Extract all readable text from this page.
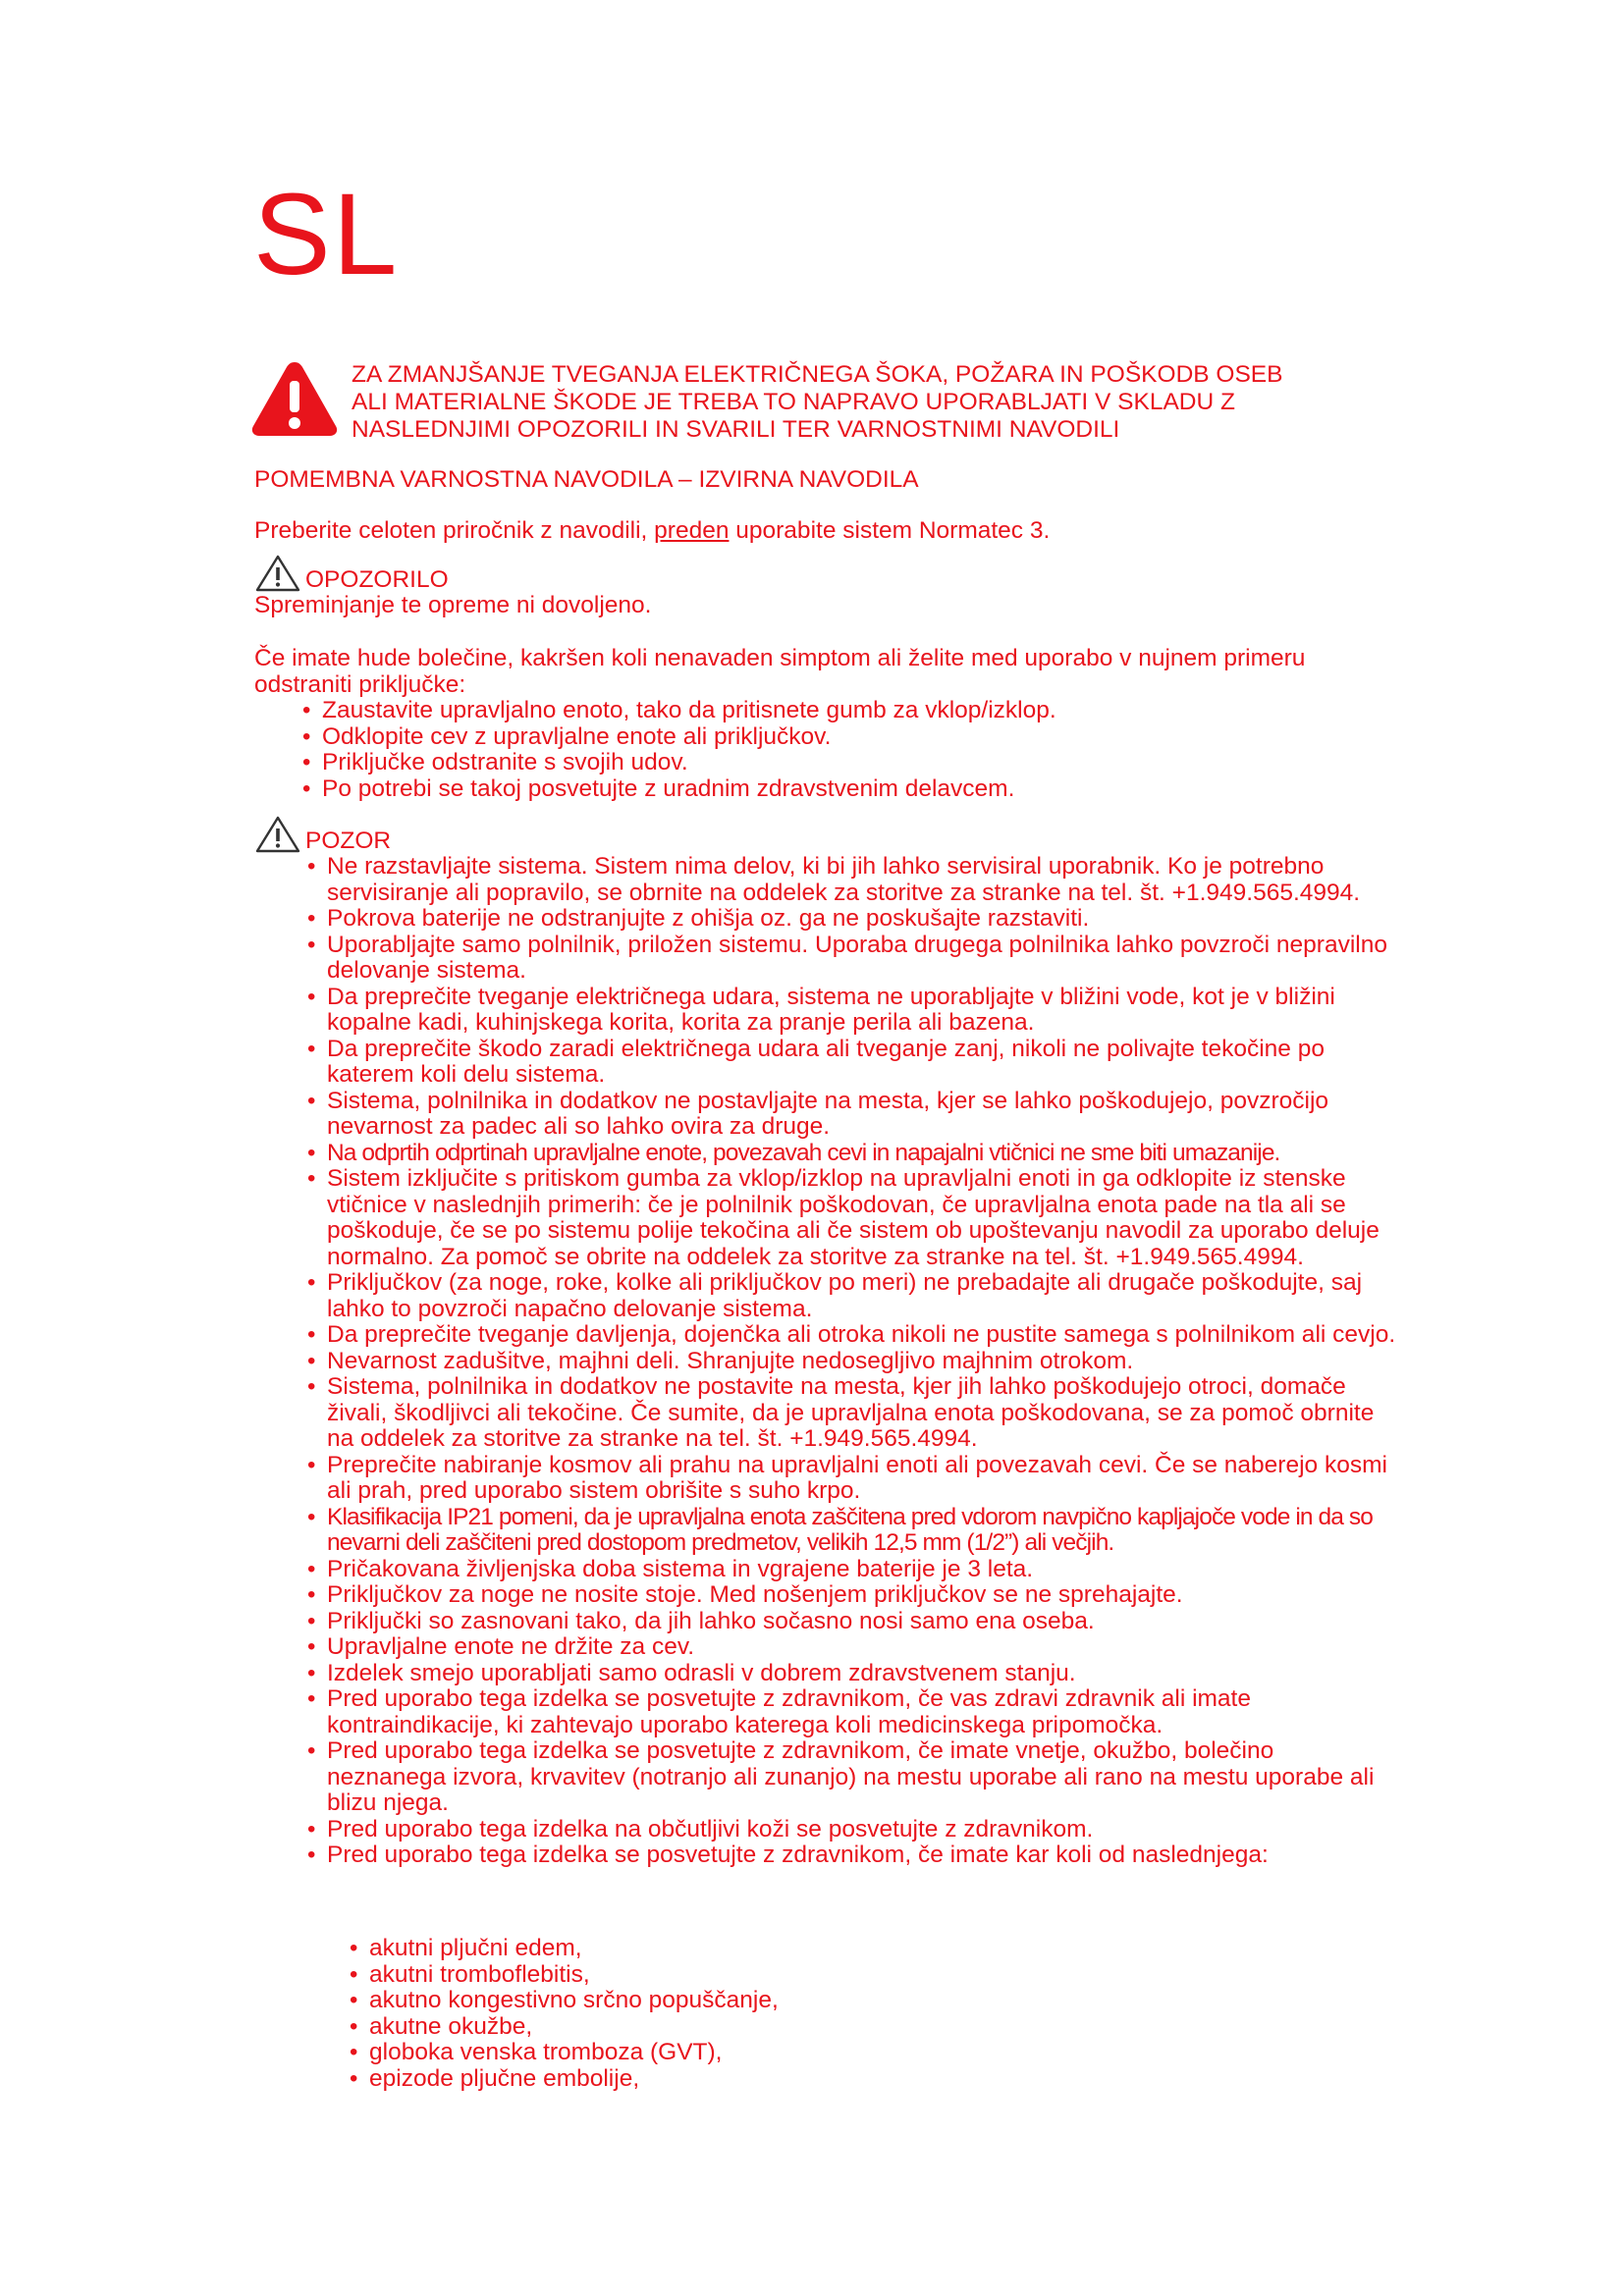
SL
ZA ZMANJŠANJE TVEGANJA ELEKTRIČNEGA ŠOKA, POŽARA IN POŠKODB OSEB
ALI MATERIALNE ŠKODE JE TREBA TO NAPRAVO UPORABLJATI V SKLADU Z
NASLEDNJIMI OPOZORILI IN SVARILI TER VARNOSTNIMI NAVODILI
POMEMBNA VARNOSTNA NAVODILA – IZVIRNA NAVODILA
Preberite celoten priročnik z navodili, preden uporabite sistem Normatec 3.
OPOZORILO
Spreminjanje te opreme ni dovoljeno.
Če imate hude bolečine, kakršen koli nenavaden simptom ali želite med uporabo v nujnem primeru odstraniti priključke:
• Zaustavite upravljalno enoto, tako da pritisnete gumb za vklop/izklop.
• Odklopite cev z upravljalne enote ali priključkov.
• Priključke odstranite s svojih udov.
• Po potrebi se takoj posvetujte z uradnim zdravstvenim delavcem.
POZOR
• Ne razstavljajte sistema. Sistem nima delov, ki bi jih lahko servisiral uporabnik. Ko je potrebno servisiranje ali popravilo, se obrnite na oddelek za storitve za stranke na tel. št. +1.949.565.4994.
• Pokrova baterije ne odstranjujte z ohišja oz. ga ne poskušajte razstaviti.
• Uporabljajte samo polnilnik, priložen sistemu. Uporaba drugega polnilnika lahko povzroči nepravilno delovanje sistema.
• Da preprečite tveganje električnega udara, sistema ne uporabljajte v bližini vode, kot je v bližini kopalne kadi, kuhinjskega korita, korita za pranje perila ali bazena.
• Da preprečite škodo zaradi električnega udara ali tveganje zanj, nikoli ne polivajte tekočine po katerem koli delu sistema.
• Sistema, polnilnika in dodatkov ne postavljajte na mesta, kjer se lahko poškodujejo, povzročijo nevarnost za padec ali so lahko ovira za druge.
• Na odprtih odprtinah upravljalne enote, povezavah cevi in napajalni vtičnici ne sme biti umazanije.
• Sistem izključite s pritiskom gumba za vklop/izklop na upravljalni enoti in ga odklopite iz stenske vtičnice v naslednjih primerih: če je polnilnik poškodovan, če upravljalna enota pade na tla ali se poškoduje, če se po sistemu polije tekočina ali če sistem ob upoštevanju navodil za uporabo deluje normalno. Za pomoč se obrite na oddelek za storitve za stranke na tel. št. +1.949.565.4994.
• Priključkov (za noge, roke, kolke ali priključkov po meri) ne prebadajte ali drugače poškodujte, saj lahko to povzroči napačno delovanje sistema.
• Da preprečite tveganje davljenja, dojenčka ali otroka nikoli ne pustite samega s polnilnikom ali cevjo.
• Nevarnost zadušitve, majhni deli. Shranjujte nedosegljivo majhnim otrokom.
• Sistema, polnilnika in dodatkov ne postavite na mesta, kjer jih lahko poškodujejo otroci, domače živali, škodljivci ali tekočine. Če sumite, da je upravljalna enota poškodovana, se za pomoč obrnite na oddelek za storitve za stranke na tel. št. +1.949.565.4994.
• Preprečite nabiranje kosmov ali prahu na upravljalni enoti ali povezavah cevi. Če se naberejo kosmi ali prah, pred uporabo sistem obrišite s suho krpo.
• Klasifikacija IP21 pomeni, da je upravljalna enota zaščitena pred vdorom navpično kapljajoče vode in da so nevarni deli zaščiteni pred dostopom predmetov, velikih 12,5 mm (1/2”) ali večjih.
• Pričakovana življenjska doba sistema in vgrajene baterije je 3 leta.
• Priključkov za noge ne nosite stoje. Med nošenjem priključkov se ne sprehajajte.
• Priključki so zasnovani tako, da jih lahko sočasno nosi samo ena oseba.
• Upravljalne enote ne držite za cev.
• Izdelek smejo uporabljati samo odrasli v dobrem zdravstvenem stanju.
• Pred uporabo tega izdelka se posvetujte z zdravnikom, če vas zdravi zdravnik ali imate kontraindikacije, ki zahtevajo uporabo katerega koli medicinskega pripomočka.
• Pred uporabo tega izdelka se posvetujte z zdravnikom, če imate vnetje, okužbo, bolečino neznanega izvora, krvavitev (notranjo ali zunanjo) na mestu uporabe ali rano na mestu uporabe ali blizu njega.
• Pred uporabo tega izdelka na občutljivi koži se posvetujte z zdravnikom.
• Pred uporabo tega izdelka se posvetujte z zdravnikom, če imate kar koli od naslednjega:
• akutni pljučni edem,
• akutni tromboflebitis,
• akutno kongestivno srčno popuščanje,
• akutne okužbe,
• globoka venska tromboza (GVT),
• epizode pljučne embolije,
